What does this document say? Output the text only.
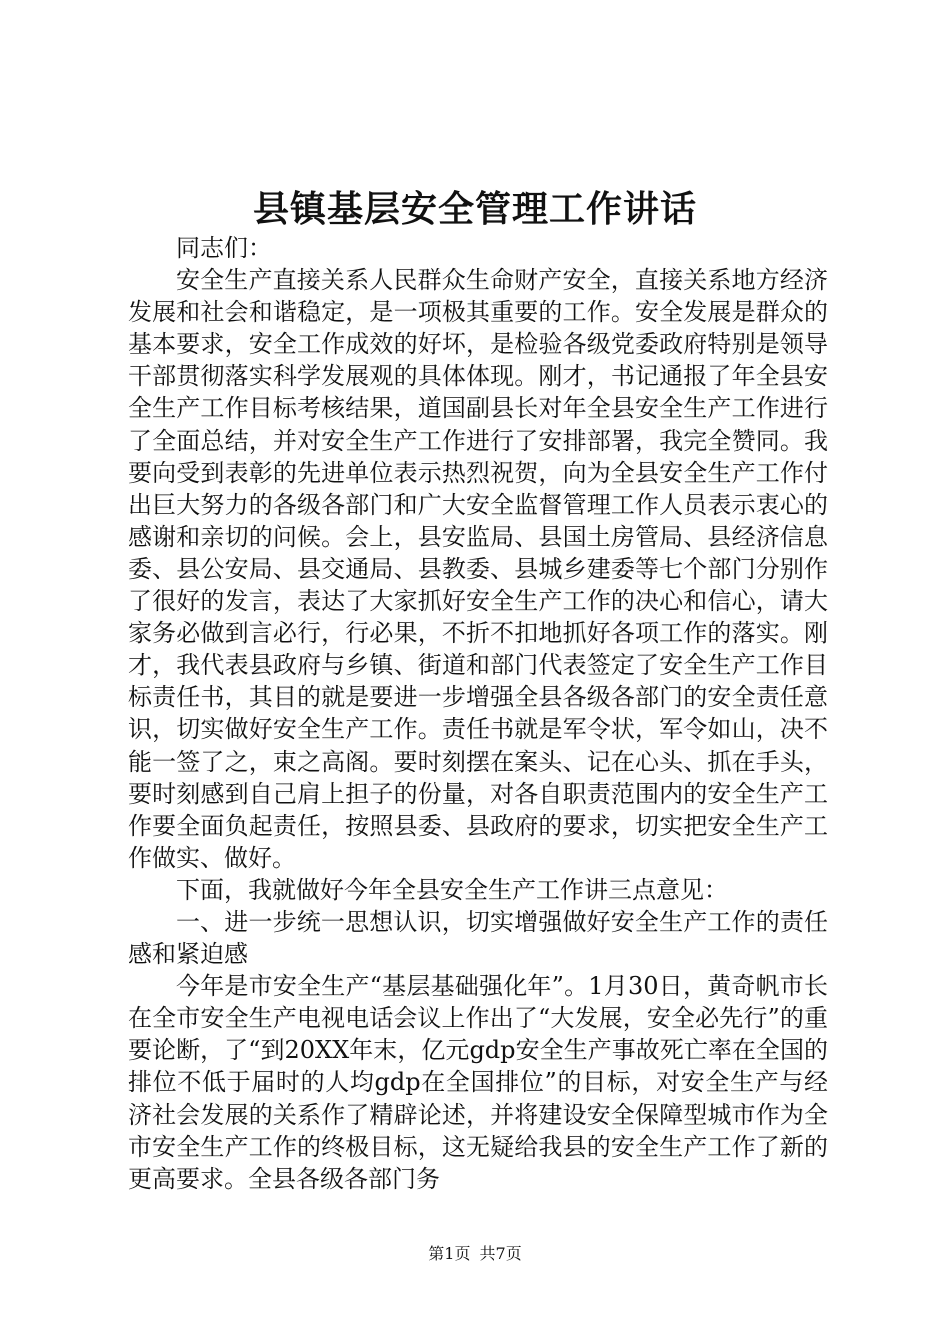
县镇基层安全管理工作讲话

同志们：

安全生产直接关系人民群众生命财产安全，直接关系地方经济发展和社会和谐稳定，是一项极其重要的工作。安全发展是群众的基本要求，安全工作成效的好坏，是检验各级党委政府特别是领导干部贯彻落实科学发展观的具体体现。刚才，书记通报了年全县安全生产工作目标考核结果，道国副县长对年全县安全生产工作进行了全面总结，并对安全生产工作进行了安排部署，我完全赞同。我要向受到表彰的先进单位表示热烈祝贺，向为全县安全生产工作付出巨大努力的各级各部门和广大安全监督管理工作人员表示衷心的感谢和亲切的问候。会上，县安监局、县国土房管局、县经济信息委、县公安局、县交通局、县教委、县城乡建委等七个部门分别作了很好的发言，表达了大家抓好安全生产工作的决心和信心，请大家务必做到言必行，行必果，不折不扣地抓好各项工作的落实。刚才，我代表县政府与乡镇、街道和部门代表签定了安全生产工作目标责任书，其目的就是要进一步增强全县各级各部门的安全责任意识，切实做好安全生产工作。责任书就是军令状，军令如山，决不能一签了之，束之高阁。要时刻摆在案头、记在心头、抓在手头，要时刻感到自己肩上担子的份量，对各自职责范围内的安全生产工作要全面负起责任，按照县委、县政府的要求，切实把安全生产工作做实、做好。

下面，我就做好今年全县安全生产工作讲三点意见：

一、进一步统一思想认识，切实增强做好安全生产工作的责任感和紧迫感

今年是市安全生产“基层基础强化年”。1月30日，黄奇帆市长在全市安全生产电视电话会议上作出了“大发展，安全必先行”的重要论断，了“到20XX年末，亿元gdp安全生产事故死亡率在全国的排位不低于届时的人均gdp在全国排位”的目标，对安全生产与经济社会发展的关系作了精辟论述，并将建设安全保障型城市作为全市安全生产工作的终极目标，这无疑给我县的安全生产工作了新的更高要求。全县各级各部门务

第1页 共7页
